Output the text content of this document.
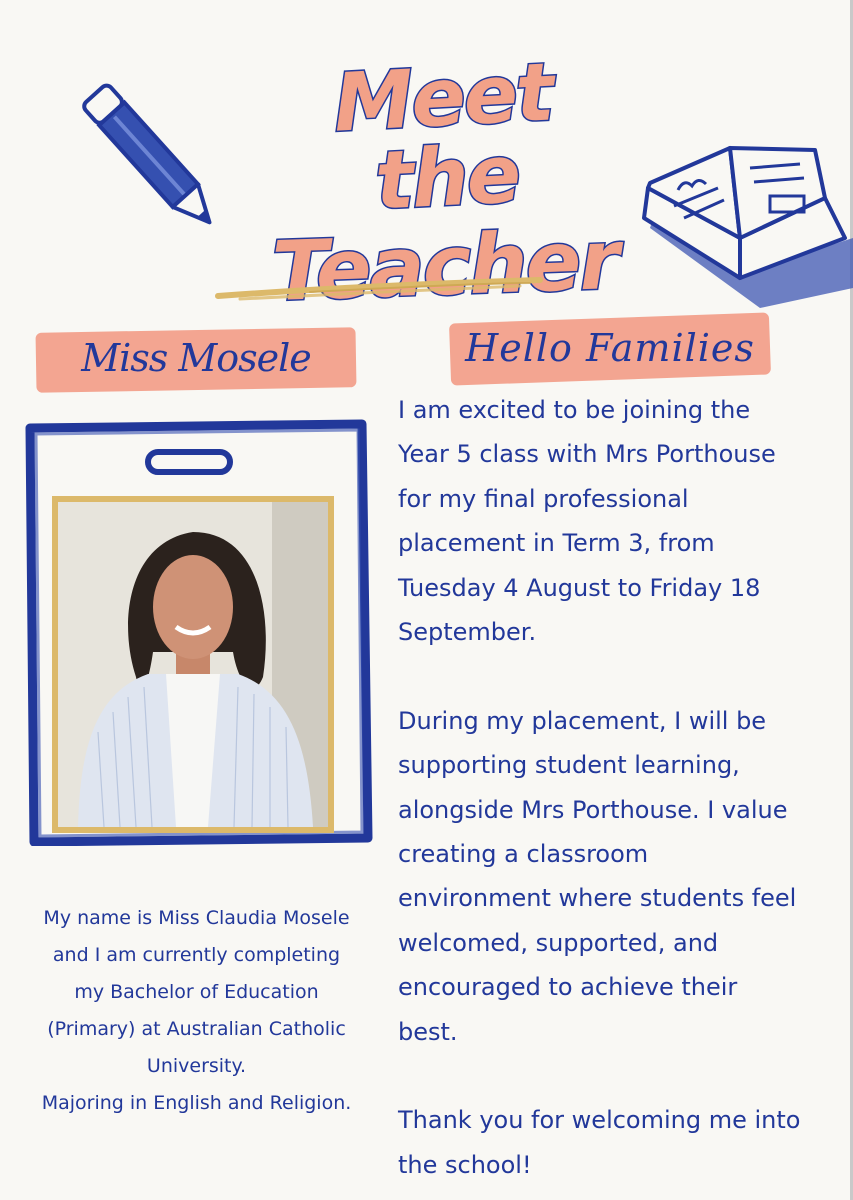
Meet the
Teacher
Miss Mosele	Hello Families

My name is Miss Claudia Mosele

and I am currently completing

my Bachelor of Education

(Primary) at Australian Catholic

University.

Majoring in English and Religion.

I am excited to be joining the

Year 5 class with Mrs Porthouse

for my final professional

placement in Term 3, from

Tuesday 4 August to Friday 18

September.

During my placement, I will be

supporting student learning,

alongside Mrs Porthouse. I value

creating a classroom

environment where students feel

welcomed, supported, and

encouraged to achieve their

best.

Thank you for welcoming me into

the school!
